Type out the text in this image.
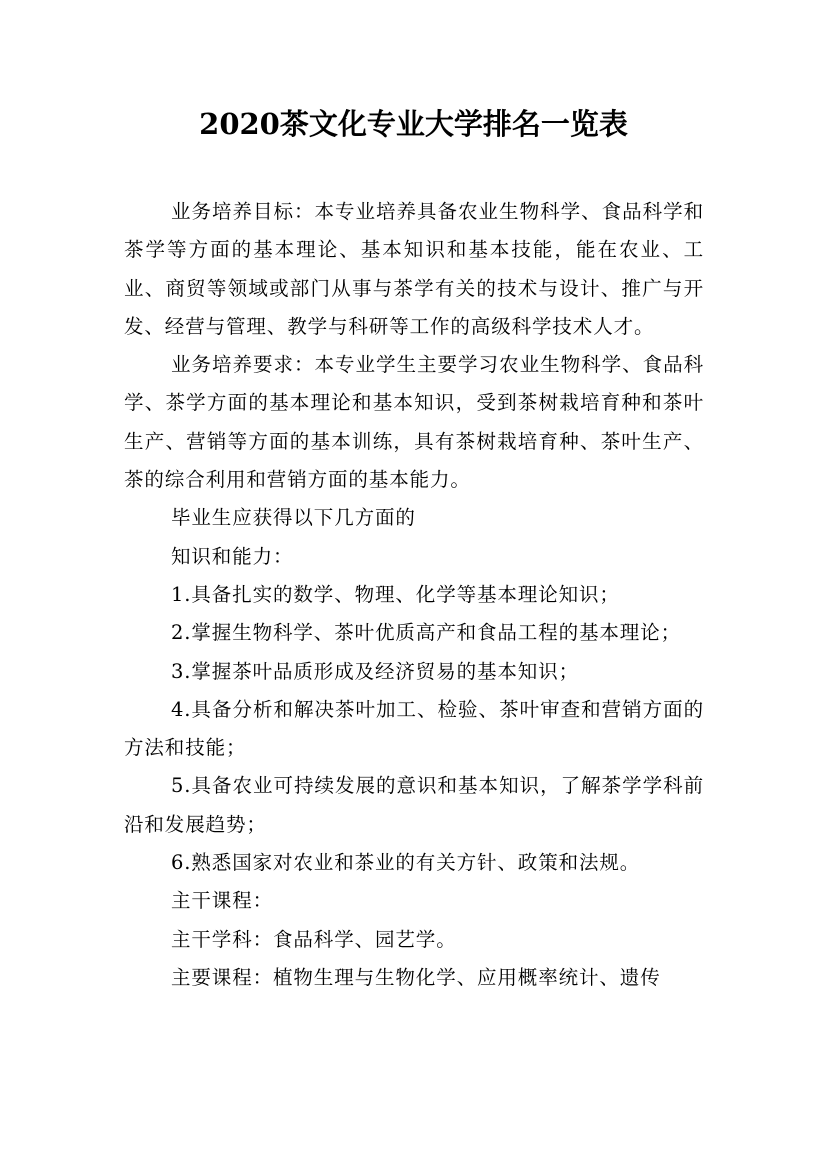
2020茶文化专业大学排名一览表

业务培养目标：本专业培养具备农业生物科学、食品科学和茶学等方面的基本理论、基本知识和基本技能，能在农业、工业、商贸等领域或部门从事与茶学有关的技术与设计、推广与开发、经营与管理、教学与科研等工作的高级科学技术人才。

业务培养要求：本专业学生主要学习农业生物科学、食品科学、茶学方面的基本理论和基本知识，受到茶树栽培育种和茶叶生产、营销等方面的基本训练，具有茶树栽培育种、茶叶生产、茶的综合利用和营销方面的基本能力。

毕业生应获得以下几方面的

知识和能力：

1.具备扎实的数学、物理、化学等基本理论知识；

2.掌握生物科学、茶叶优质高产和食品工程的基本理论；

3.掌握茶叶品质形成及经济贸易的基本知识；

4.具备分析和解决茶叶加工、检验、茶叶审查和营销方面的方法和技能；

5.具备农业可持续发展的意识和基本知识，了解茶学学科前沿和发展趋势；

6.熟悉国家对农业和茶业的有关方针、政策和法规。

主干课程：

主干学科：食品科学、园艺学。

主要课程：植物生理与生物化学、应用概率统计、遗传
